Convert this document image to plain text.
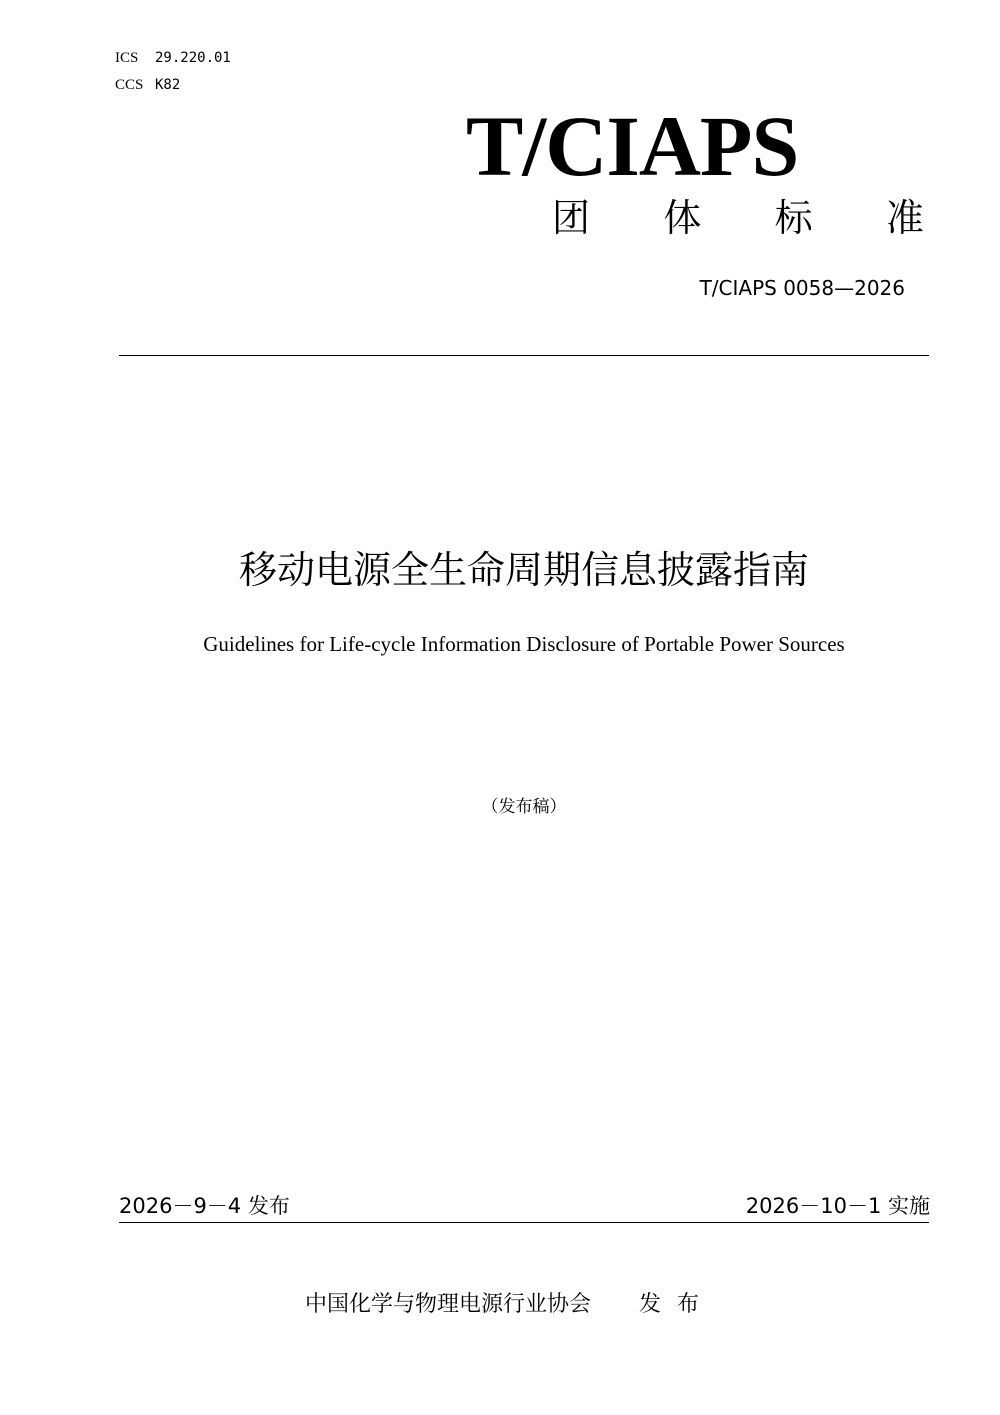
ICS 29.220.01
CCS K82
T/CIAPS
团 体 标 准
T/CIAPS 0058—2026
移动电源全生命周期信息披露指南
Guidelines for Life-cycle Information Disclosure of Portable Power Sources
（发布稿）
2026－9－4 发布	2026－10－1 实施
中国化学与物理电源行业协会 发布
